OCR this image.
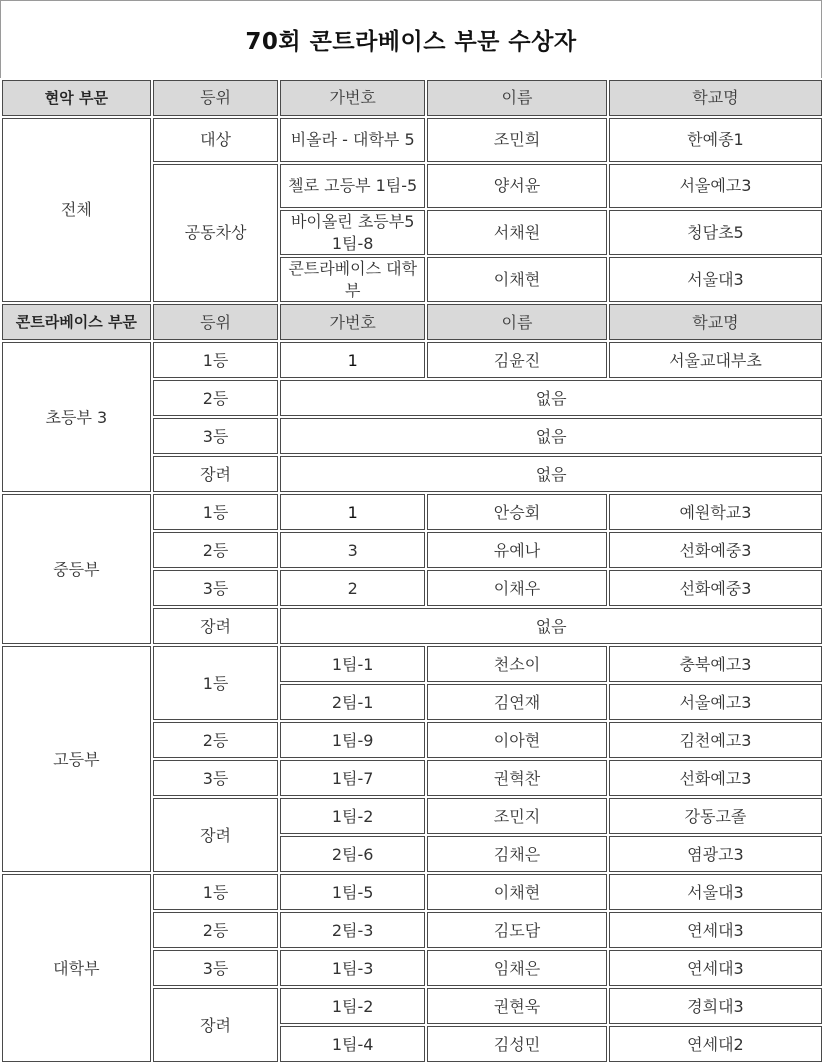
70회 콘트라베이스 부문 수상자
현악 부문	등위	가번호	이름	학교명
전체	대상	비올라 - 대학부 5	조민희	한예종1
	공동차상	첼로 고등부 1팀-5	양서윤	서울예고3
		바이올린 초등부5 1팀-8	서채원	청담초5
		콘트라베이스 대학부	이채현	서울대3
콘트라베이스 부문	등위	가번호	이름	학교명
초등부 3	1등	1	김윤진	서울교대부초
	2등	없음		
	3등	없음		
	장려	없음		
중등부	1등	1	안승회	예원학교3
	2등	3	유예나	선화예중3
	3등	2	이채우	선화예중3
	장려	없음		
고등부	1등	1팀-1	천소이	충북예고3
		2팀-1	김연재	서울예고3
	2등	1팀-9	이아현	김천예고3
	3등	1팀-7	권혁찬	선화예고3
	장려	1팀-2	조민지	강동고졸
		2팀-6	김채은	염광고3
대학부	1등	1팀-5	이채현	서울대3
	2등	2팀-3	김도담	연세대3
	3등	1팀-3	임채은	연세대3
	장려	1팀-2	권현욱	경희대3
		1팀-4	김성민	연세대2
